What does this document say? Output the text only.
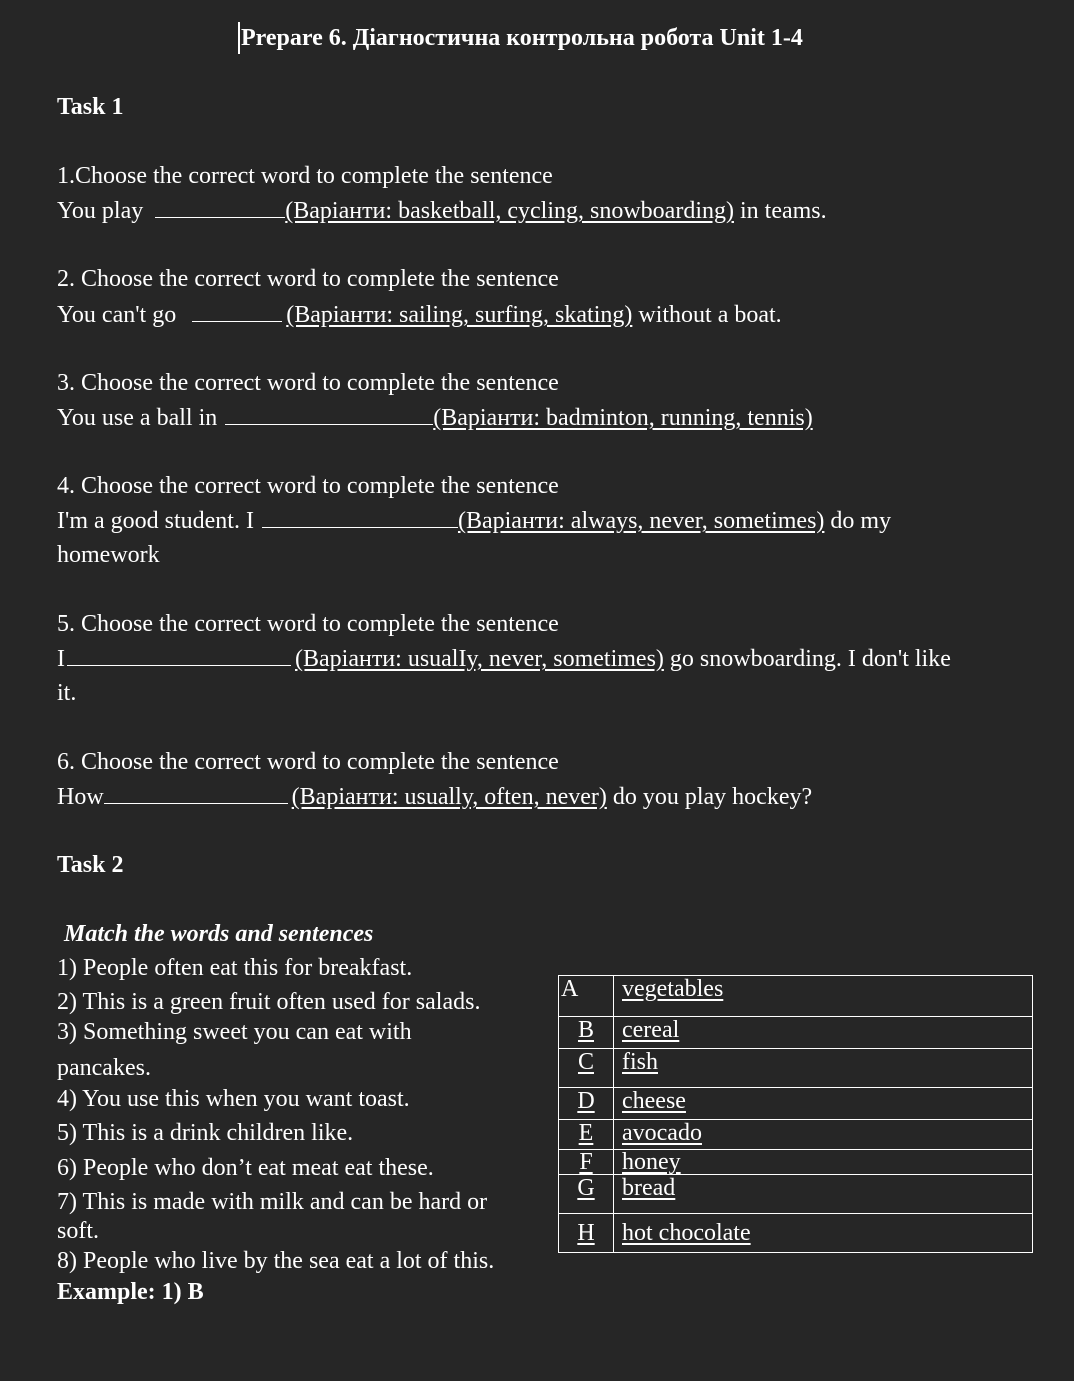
Prepare 6. Діагностична контрольна робота Unit 1-4
Task 1
1.Choose the correct word to complete the sentence
You play	(Варіанти: basketball, cycling, snowboarding) in teams.
2. Choose the correct word to complete the sentence
You can't go	(Варіанти: sailing, surfing, skating) without a boat.
3. Choose the correct word to complete the sentence
You use a ball in	(Варіанти: badminton, running, tennis)
4. Choose the correct word to complete the sentence
I'm a good student. I	(Варіанти: always, never, sometimes) do my
homework
5. Choose the correct word to complete the sentence
I	(Варіанти: usualIy, never, sometimes) go snowboarding. I don't like
it.
6. Choose the correct word to complete the sentence
How	(Варіанти: usually, often, never) do you play hockey?
Task 2
Match the words and sentences
1) People often eat this for breakfast.
2) This is a green fruit often used for salads.
3) Something sweet you can eat with
pancakes.
4) You use this when you want toast.
5) This is a drink children like.
6) People who don’t eat meat eat these.
7) This is made with milk and can be hard or
soft.
8) People who live by the sea eat a lot of this.
Example: 1) B
A	vegetables
B	cereal
C	fish
D	cheese
E	avocado
F	honey
G	bread
H	hot chocolate
